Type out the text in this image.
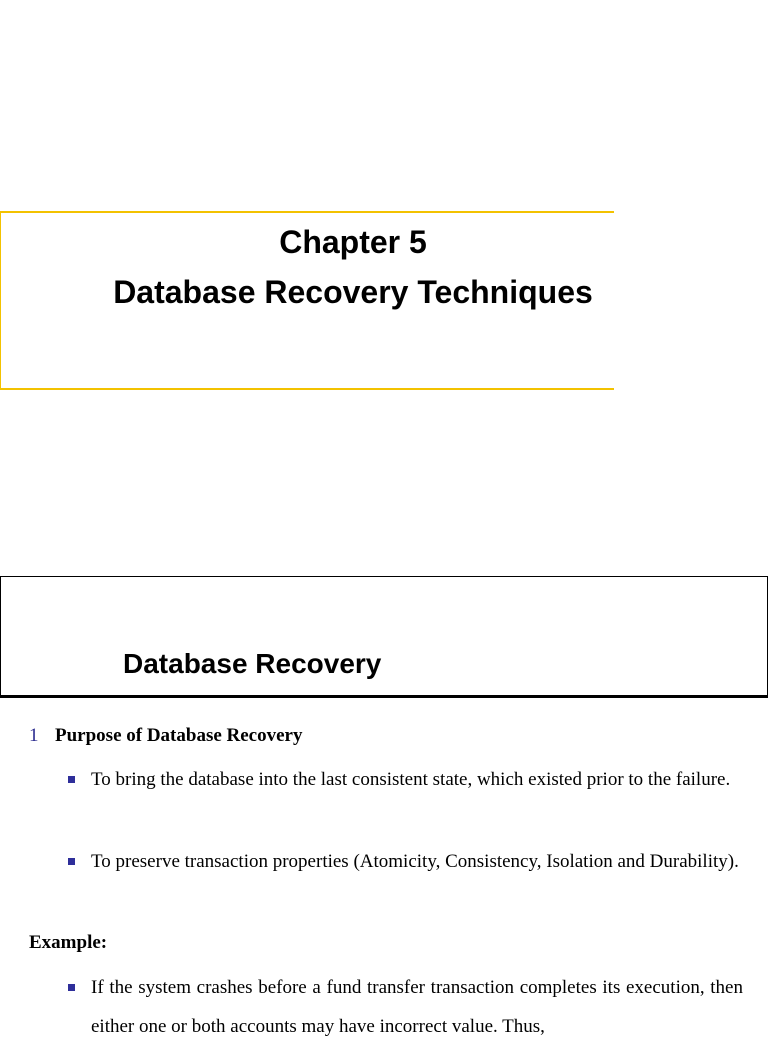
Chapter 5
Database Recovery Techniques
Database Recovery
1 Purpose of Database Recovery
To bring the database into the last consistent state, which existed prior to the failure.
To preserve transaction properties (Atomicity, Consistency, Isolation and Durability).
Example:
If the system crashes before a fund transfer transaction completes its execution, then either one or both accounts may have incorrect value. Thus,
